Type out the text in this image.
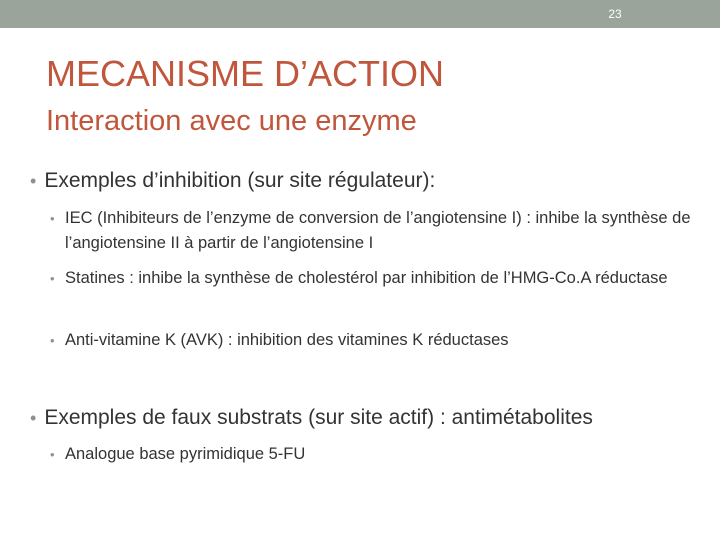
23
MECANISME D’ACTION
Interaction avec une enzyme
• Exemples d’inhibition (sur site régulateur):
• IEC (Inhibiteurs de l’enzyme de conversion de l’angiotensine I) : inhibe la synthèse de l’angiotensine II à partir de l’angiotensine I
• Statines : inhibe la synthèse de cholestérol par inhibition de l’HMG-Co.A réductase
• Anti-vitamine K (AVK) : inhibition des vitamines K réductases
• Exemples de faux substrats (sur site actif) : antimétabolites
• Analogue base pyrimidique 5-FU
